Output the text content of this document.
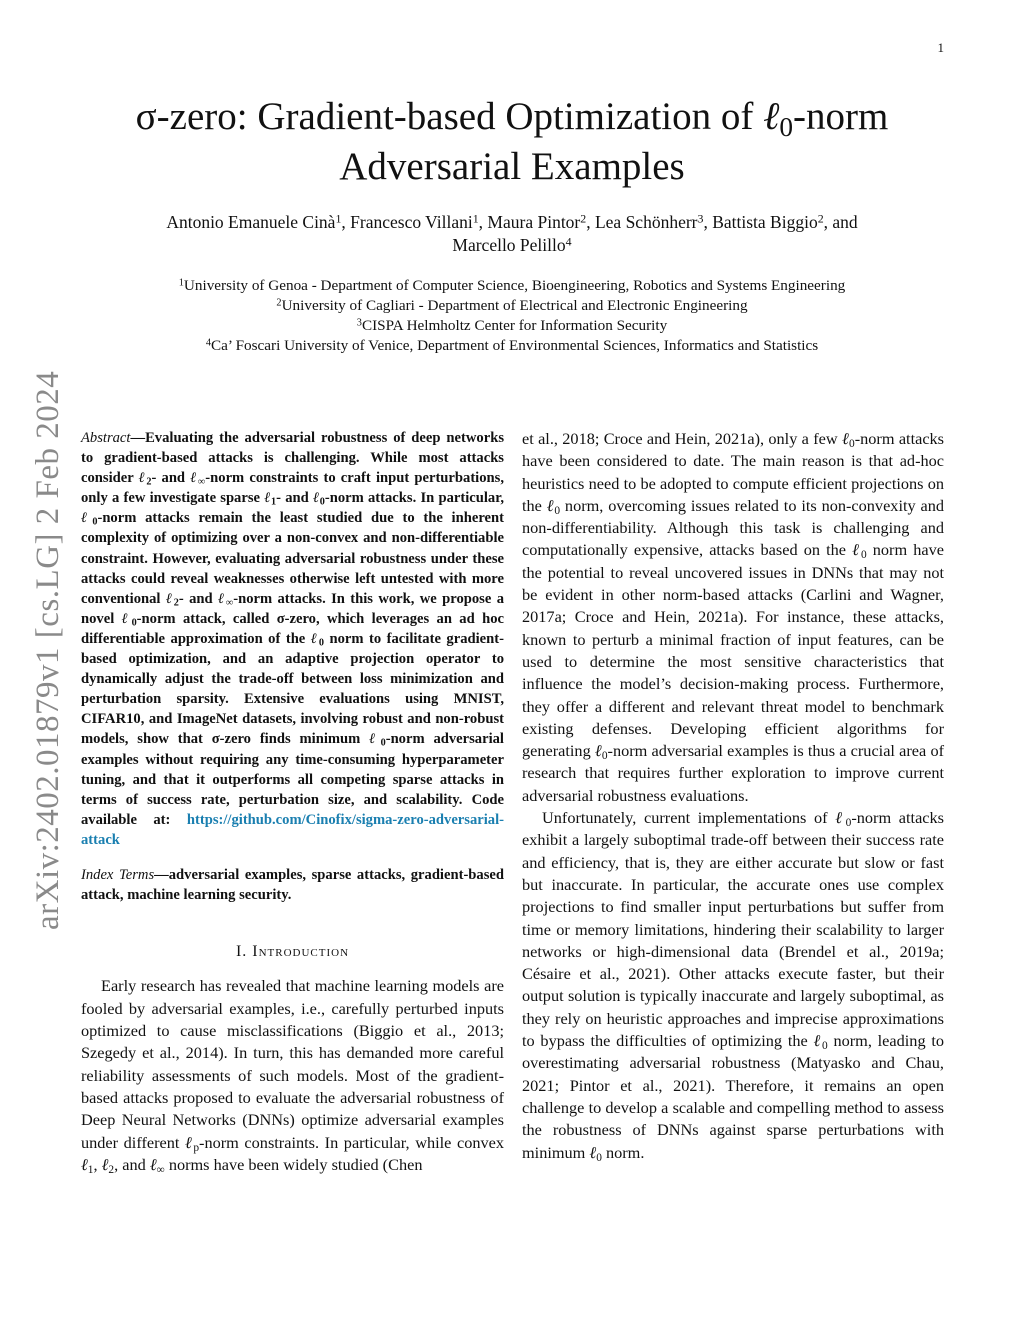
1
arXiv:2402.01879v1 [cs.LG] 2 Feb 2024
σ-zero: Gradient-based Optimization of ℓ$_0$-norm
Adversarial Examples
Antonio Emanuele Cinà$^1$, Francesco Villani$^1$, Maura Pintor$^2$, Lea Schönherr$^3$, Battista Biggio$^2$, and
Marcello Pelillo$^4$
$^1$University of Genoa - Department of Computer Science, Bioengineering, Robotics and Systems Engineering
$^2$University of Cagliari - Department of Electrical and Electronic Engineering
$^3$CISPA Helmholtz Center for Information Security
$^4$Ca’ Foscari University of Venice, Department of Environmental Sciences, Informatics and Statistics
Abstract—Evaluating the adversarial robustness of deep networks to gradient-based attacks is challenging. While most attacks consider ℓ$_2$- and ℓ$_\infty$-norm constraints to craft input perturbations, only a few investigate sparse ℓ$_1$- and ℓ$_0$-norm attacks. In particular, ℓ$_0$-norm attacks remain the least studied due to the inherent complexity of optimizing over a non-convex and non-differentiable constraint. However, evaluating adversarial robustness under these attacks could reveal weaknesses otherwise left untested with more conventional ℓ$_2$- and ℓ$_\infty$-norm attacks. In this work, we propose a novel ℓ$_0$-norm attack, called σ-zero, which leverages an ad hoc differentiable approximation of the ℓ$_0$ norm to facilitate gradient-based optimization, and an adaptive projection operator to dynamically adjust the trade-off between loss minimization and perturbation sparsity. Extensive evaluations using MNIST, CIFAR10, and ImageNet datasets, involving robust and non-robust models, show that σ-zero finds minimum ℓ$_0$-norm adversarial examples without requiring any time-consuming hyperparameter tuning, and that it outperforms all competing sparse attacks in terms of success rate, perturbation size, and scalability. Code available at: https://github.com/Cinofix/sigma-zero-adversarial-attack
Index Terms—adversarial examples, sparse attacks, gradient-based attack, machine learning security.
I. Introduction

Early research has revealed that machine learning models are fooled by adversarial examples, i.e., carefully perturbed inputs optimized to cause misclassifications (Biggio et al., 2013; Szegedy et al., 2014). In turn, this has demanded more careful reliability assessments of such models. Most of the gradient-based attacks proposed to evaluate the adversarial robustness of Deep Neural Networks (DNNs) optimize adversarial examples under different ℓ$_p$-norm constraints. In particular, while convex ℓ$_1$, ℓ$_2$, and ℓ$_\infty$ norms have been widely studied (Chen

et al., 2018; Croce and Hein, 2021a), only a few ℓ$_0$-norm attacks have been considered to date. The main reason is that ad-hoc heuristics need to be adopted to compute efficient projections on the ℓ$_0$ norm, overcoming issues related to its non-convexity and non-differentiability. Although this task is challenging and computationally expensive, attacks based on the ℓ$_0$ norm have the potential to reveal uncovered issues in DNNs that may not be evident in other norm-based attacks (Carlini and Wagner, 2017a; Croce and Hein, 2021a). For instance, these attacks, known to perturb a minimal fraction of input features, can be used to determine the most sensitive characteristics that influence the model’s decision-making process. Furthermore, they offer a different and relevant threat model to benchmark existing defenses. Developing efficient algorithms for generating ℓ$_0$-norm adversarial examples is thus a crucial area of research that requires further exploration to improve current adversarial robustness evaluations.

Unfortunately, current implementations of ℓ$_0$-norm attacks exhibit a largely suboptimal trade-off between their success rate and efficiency, that is, they are either accurate but slow or fast but inaccurate. In particular, the accurate ones use complex projections to find smaller input perturbations but suffer from time or memory limitations, hindering their scalability to larger networks or high-dimensional data (Brendel et al., 2019a; Césaire et al., 2021). Other attacks execute faster, but their output solution is typically inaccurate and largely suboptimal, as they rely on heuristic approaches and imprecise approximations to bypass the difficulties of optimizing the ℓ$_0$ norm, leading to overestimating adversarial robustness (Matyasko and Chau, 2021; Pintor et al., 2021). Therefore, it remains an open challenge to develop a scalable and compelling method to assess the robustness of DNNs against sparse perturbations with minimum ℓ$_0$ norm.
